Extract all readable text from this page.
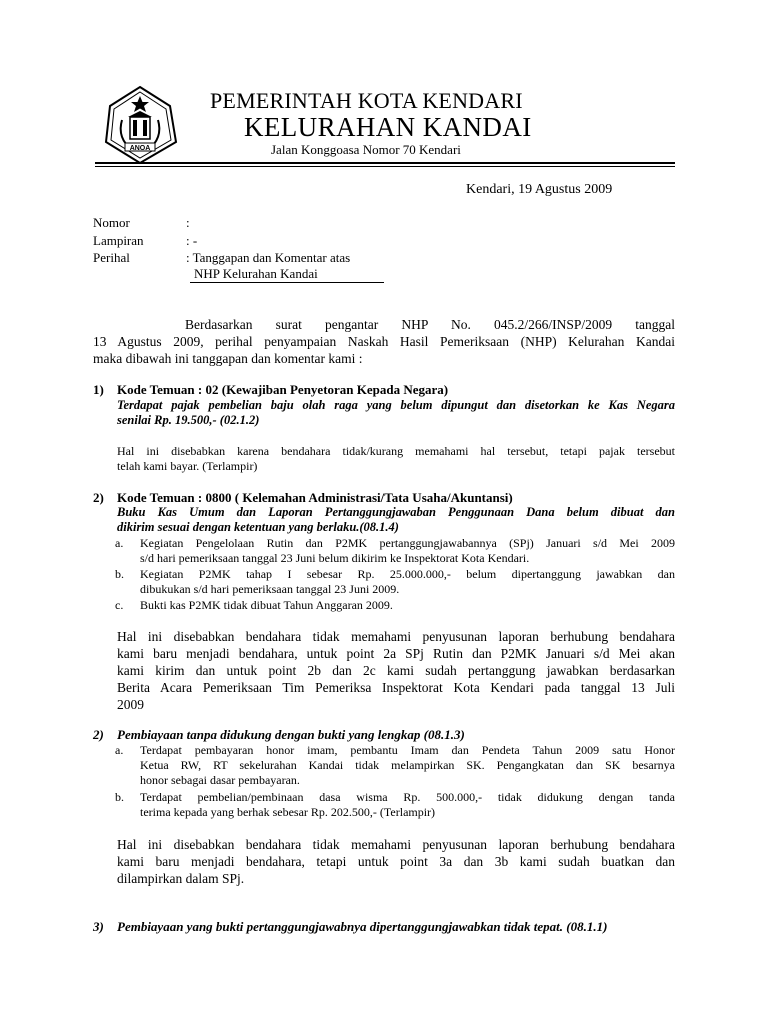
ANOA
PEMERINTAH KOTA KENDARI
KELURAHAN KANDAI
Jalan Konggoasa Nomor 70 Kendari
Kendari, 19 Agustus 2009
Nomor	:
Lampiran	: -
Perihal	: Tanggapan dan Komentar atas
NHP Kelurahan Kandai
Berdasarkan surat pengantar NHP No. 045.2/266/INSP/2009 tanggal
13 Agustus 2009, perihal penyampaian Naskah Hasil Pemeriksaan (NHP) Kelurahan Kandai
maka dibawah ini tanggapan dan komentar kami :
1) Kode Temuan : 02 (Kewajiban Penyetoran Kepada Negara)
Terdapat pajak pembelian baju olah raga yang belum dipungut dan disetorkan ke Kas Negara
senilai Rp. 19.500,- (02.1.2)
Hal ini disebabkan karena bendahara tidak/kurang memahami hal tersebut, tetapi pajak tersebut
telah kami bayar. (Terlampir)
2) Kode Temuan : 0800 ( Kelemahan Administrasi/Tata Usaha/Akuntansi)
Buku Kas Umum dan Laporan Pertanggungjawaban Penggunaan Dana belum dibuat dan
dikirim sesuai dengan ketentuan yang berlaku.(08.1.4)
a. Kegiatan Pengelolaan Rutin dan P2MK pertanggungjawabannya (SPj) Januari s/d Mei 2009
s/d hari pemeriksaan tanggal 23 Juni belum dikirim ke Inspektorat Kota Kendari.
b. Kegiatan P2MK tahap I sebesar Rp. 25.000.000,- belum dipertanggung jawabkan dan
dibukukan s/d hari pemeriksaan tanggal 23 Juni 2009.
c. Bukti kas P2MK tidak dibuat Tahun Anggaran 2009.
Hal ini disebabkan bendahara tidak memahami penyusunan laporan berhubung bendahara
kami baru menjadi bendahara, untuk point 2a SPj Rutin dan P2MK Januari s/d Mei akan
kami kirim dan untuk point 2b dan 2c kami sudah pertanggung jawabkan berdasarkan
Berita Acara Pemeriksaan Tim Pemeriksa Inspektorat Kota Kendari pada tanggal 13 Juli
2009
2) Pembiayaan tanpa didukung dengan bukti yang lengkap (08.1.3)
a. Terdapat pembayaran honor imam, pembantu Imam dan Pendeta Tahun 2009 satu Honor
Ketua RW, RT sekelurahan Kandai tidak melampirkan SK. Pengangkatan dan SK besarnya
honor sebagai dasar pembayaran.
b. Terdapat pembelian/pembinaan dasa wisma Rp. 500.000,- tidak didukung dengan tanda
terima kepada yang berhak sebesar Rp. 202.500,- (Terlampir)
Hal ini disebabkan bendahara tidak memahami penyusunan laporan berhubung bendahara
kami baru menjadi bendahara, tetapi untuk point 3a dan 3b kami sudah buatkan dan
dilampirkan dalam SPj.
3) Pembiayaan yang bukti pertanggungjawabnya dipertanggungjawabkan tidak tepat. (08.1.1)
